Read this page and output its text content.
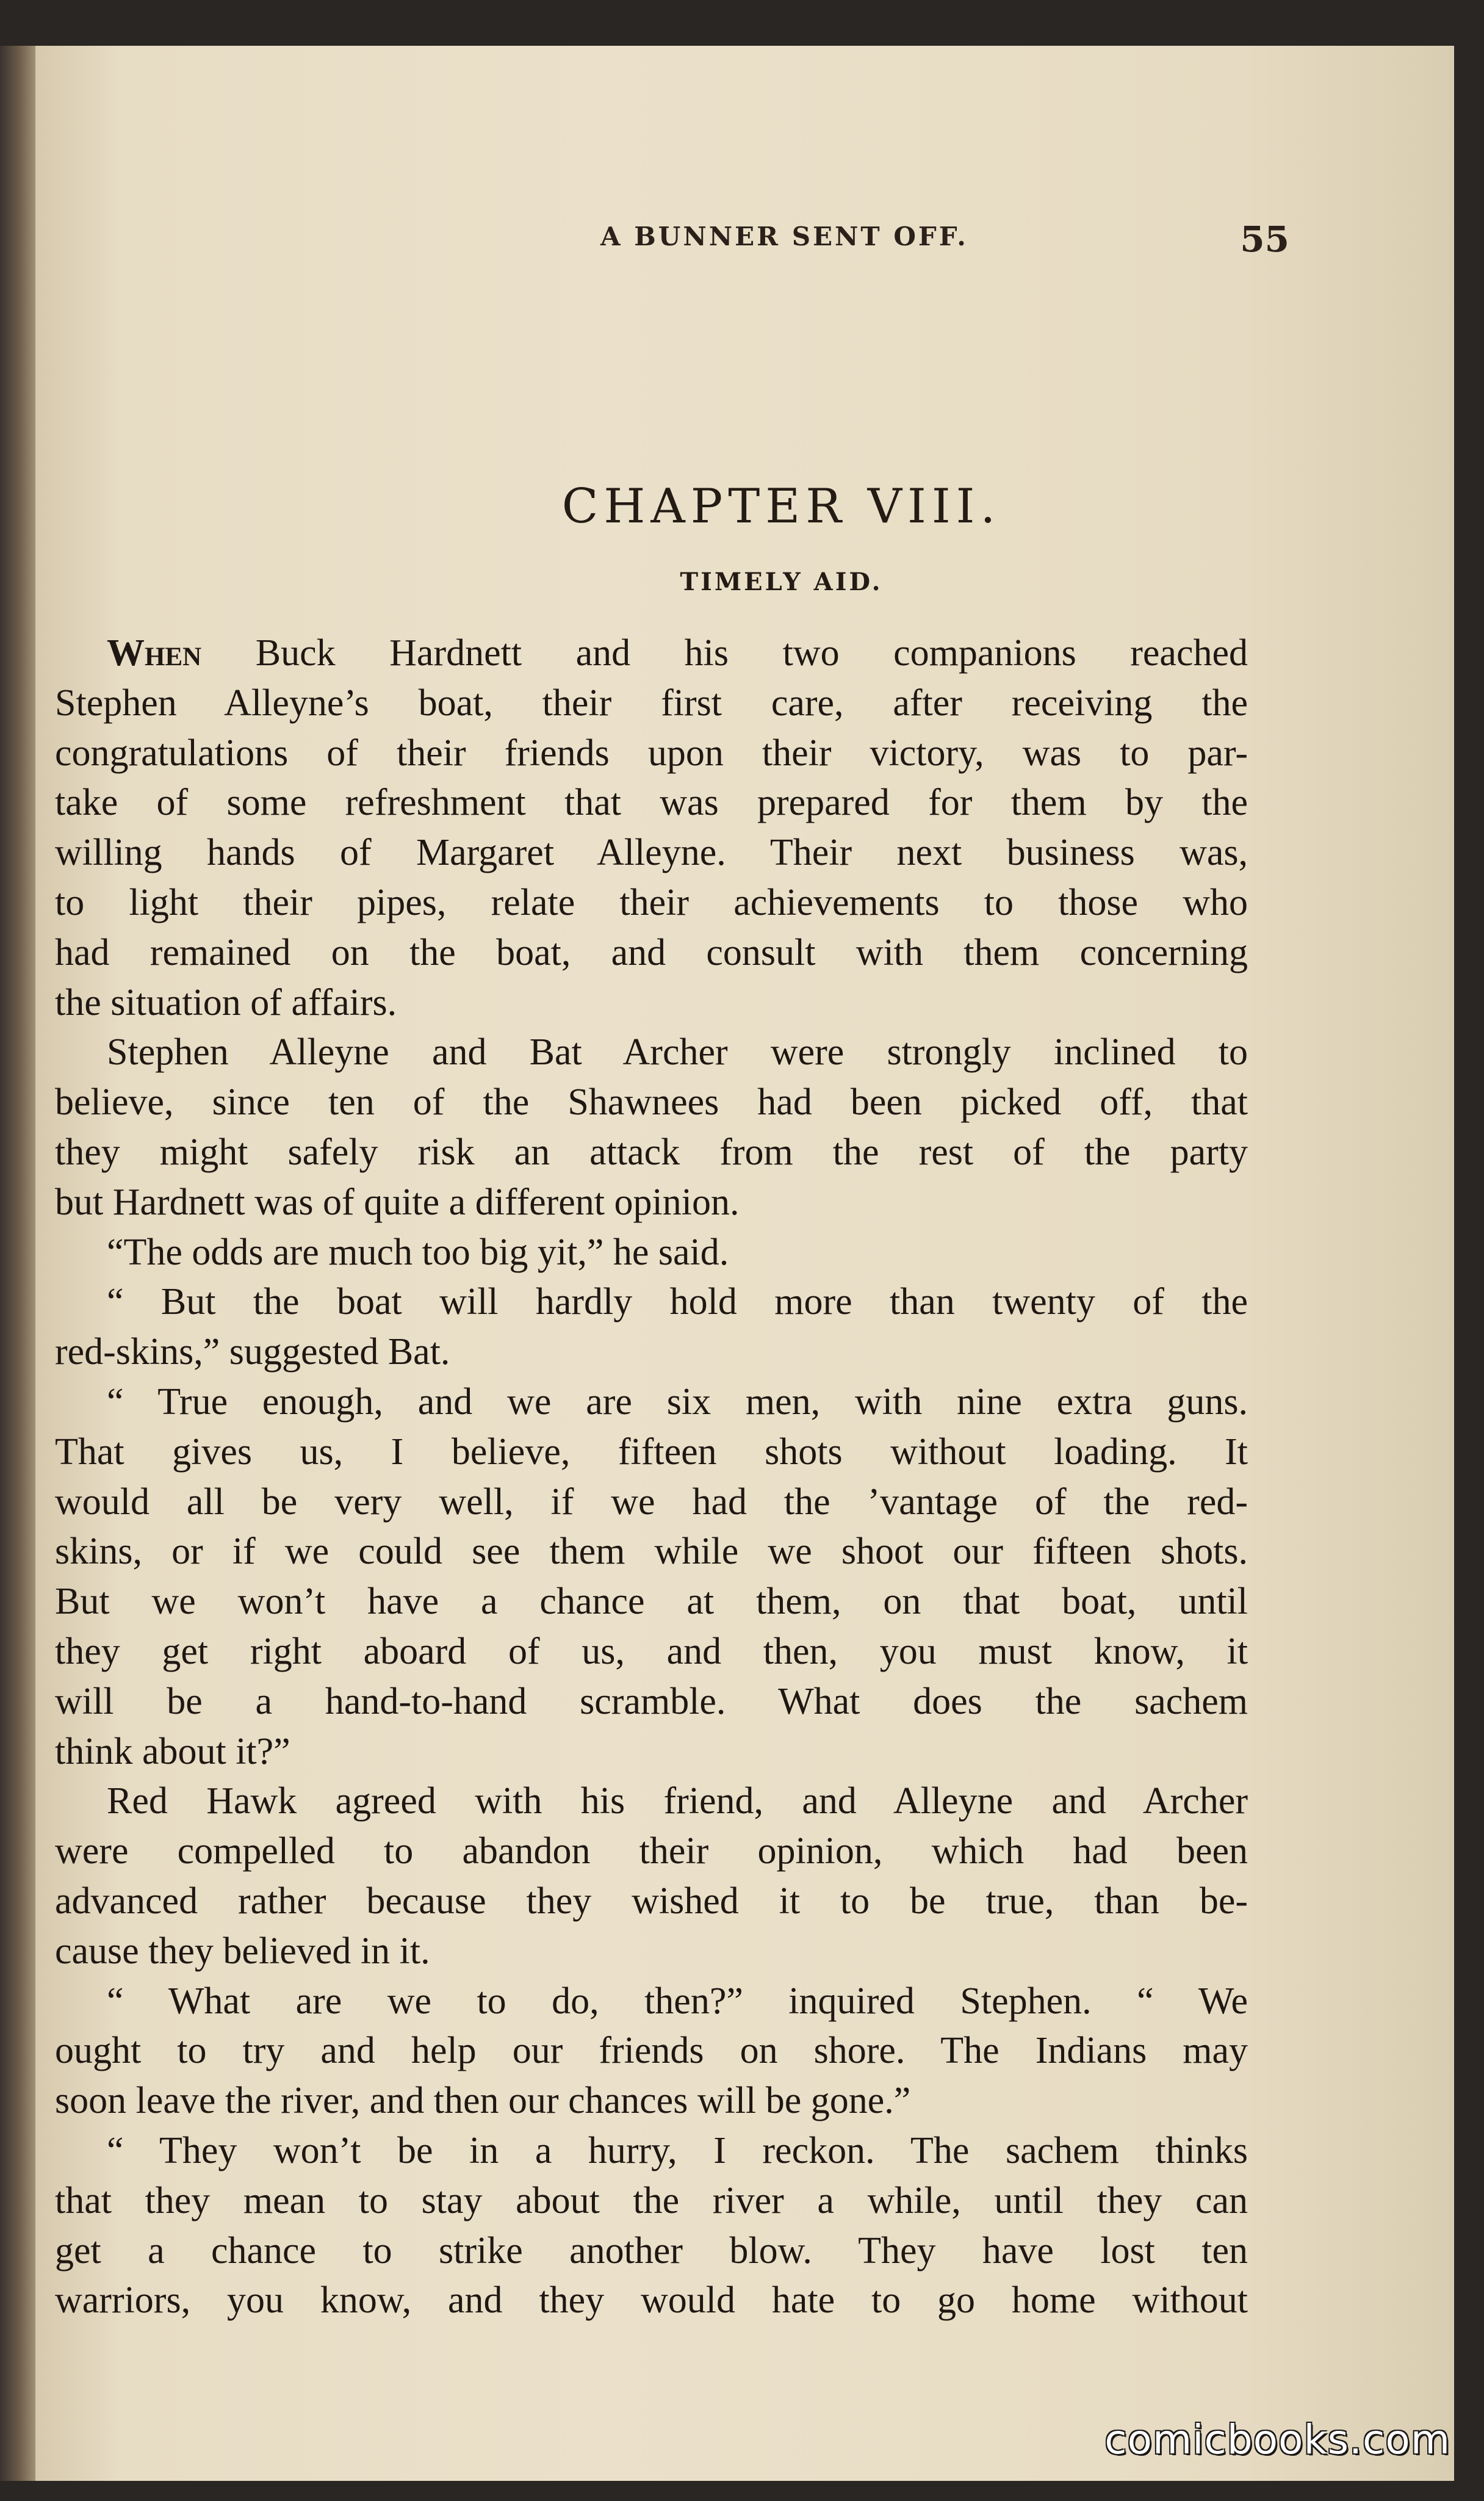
A BUNNER SENT OFF.	55
CHAPTER VIII.
TIMELY AID.
When Buck Hardnett and his two companions reached
Stephen Alleyne’s boat, their first care, after receiving the
congratulations of their friends upon their victory, was to par-
take of some refreshment that was prepared for them by the
willing hands of Margaret Alleyne. Their next business was,
to light their pipes, relate their achievements to those who
had remained on the boat, and consult with them concerning
the situation of affairs.
Stephen Alleyne and Bat Archer were strongly inclined to
believe, since ten of the Shawnees had been picked off, that
they might safely risk an attack from the rest of the party
but Hardnett was of quite a different opinion.
“The odds are much too big yit,” he said.
“ But the boat will hardly hold more than twenty of the
red-skins,” suggested Bat.
“ True enough, and we are six men, with nine extra guns.
That gives us, I believe, fifteen shots without loading. It
would all be very well, if we had the ’vantage of the red-
skins, or if we could see them while we shoot our fifteen shots.
But we won’t have a chance at them, on that boat, until
they get right aboard of us, and then, you must know, it
will be a hand-to-hand scramble. What does the sachem
think about it?”
Red Hawk agreed with his friend, and Alleyne and Archer
were compelled to abandon their opinion, which had been
advanced rather because they wished it to be true, than be-
cause they believed in it.
“ What are we to do, then?” inquired Stephen. “ We
ought to try and help our friends on shore. The Indians may
soon leave the river, and then our chances will be gone.”
“ They won’t be in a hurry, I reckon. The sachem thinks
that they mean to stay about the river a while, until they can
get a chance to strike another blow. They have lost ten
warriors, you know, and they would hate to go home without
comicbooks.com
